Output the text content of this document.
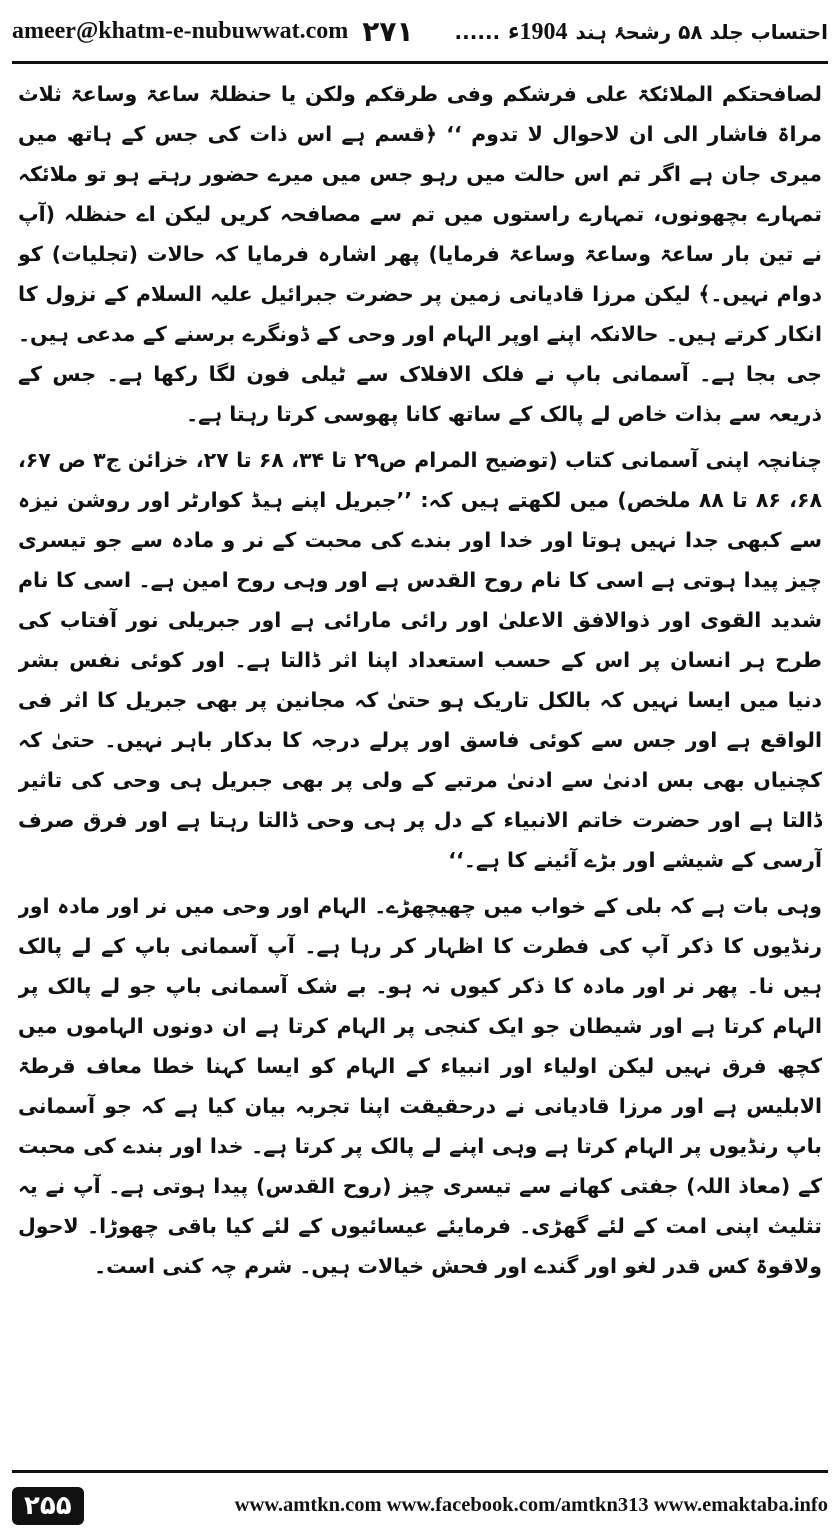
ameer@khatm-e-nubuwwat.com ۲۷۱	احتساب جلد ۵۸ رشحۂ ہند
1904ء
......

لصافحتکم الملائکۃ علی فرشکم وفی طرقکم ولکن یا حنظلۃ ساعۃ وساعۃ ثلاث مراۃ فاشار الی ان لاحوال لا تدوم ‘‘ ﴿قسم ہے اس ذات کی جس کے ہاتھ میں میری جان ہے اگر تم اس حالت میں رہو جس میں میرے حضور رہتے ہو تو ملائکہ تمہارے بچھونوں، تمہارے راستوں میں تم سے مصافحہ کریں لیکن اے حنظلہ (آپ نے تین بار ساعۃ وساعۃ وساعۃ فرمایا) پھر اشارہ فرمایا کہ حالات (تجلیات) کو دوام نہیں۔﴾ لیکن مرزا قادیانی زمین پر حضرت جبرائیل علیہ السلام کے نزول کا انکار کرتے ہیں۔ حالانکہ اپنے اوپر الہام اور وحی کے ڈونگرے برسنے کے مدعی ہیں۔ جی بجا ہے۔ آسمانی باپ نے فلک الافلاک سے ٹیلی فون لگا رکھا ہے۔ جس کے ذریعہ سے بذات خاص لے پالک کے ساتھ کانا پھوسی کرتا رہتا ہے۔

چنانچہ اپنی آسمانی کتاب (توضیح المرام ص۲۹ تا ۳۴، ۶۸ تا ۲۷، خزائن ج۳ ص ۶۷، ۶۸، ۸۶ تا ۸۸ ملخص) میں لکھتے ہیں کہ: ’’جبریل اپنے ہیڈ کوارٹر اور روشن نیزہ سے کبھی جدا نہیں ہوتا اور خدا اور بندے کی محبت کے نر و مادہ سے جو تیسری چیز پیدا ہوتی ہے اسی کا نام روح القدس ہے اور وہی روح امین ہے۔ اسی کا نام شدید القوی اور ذوالافق الاعلیٰ اور رائی مارائی ہے اور جبریلی نور آفتاب کی طرح ہر انسان پر اس کے حسب استعداد اپنا اثر ڈالتا ہے۔ اور کوئی نفس بشر دنیا میں ایسا نہیں کہ بالکل تاریک ہو حتیٰ کہ مجانین پر بھی جبریل کا اثر فی الواقع ہے اور جس سے کوئی فاسق اور پرلے درجہ کا بدکار باہر نہیں۔ حتیٰ کہ کچنیاں بھی بس ادنیٰ سے ادنیٰ مرتبے کے ولی پر بھی جبریل ہی وحی کی تاثیر ڈالتا ہے اور حضرت خاتم الانبیاء کے دل پر ہی وحی ڈالتا رہتا ہے اور فرق صرف آرسی کے شیشے اور بڑے آئینے کا ہے۔‘‘

وہی بات ہے کہ بلی کے خواب میں چھیچھڑے۔ الہام اور وحی میں نر اور مادہ اور رنڈیوں کا ذکر آپ کی فطرت کا اظہار کر رہا ہے۔ آپ آسمانی باپ کے لے پالک ہیں نا۔ پھر نر اور مادہ کا ذکر کیوں نہ ہو۔ بے شک آسمانی باپ جو لے پالک پر الہام کرتا ہے اور شیطان جو ایک کنجی پر الہام کرتا ہے ان دونوں الہاموں میں کچھ فرق نہیں لیکن اولیاء اور انبیاء کے الہام کو ایسا کہنا خطا معاف قرطۃ الابلیس ہے اور مرزا قادیانی نے درحقیقت اپنا تجربہ بیان کیا ہے کہ جو آسمانی باپ رنڈیوں پر الہام کرتا ہے وہی اپنے لے پالک پر کرتا ہے۔ خدا اور بندے کی محبت کے (معاذ اللہ) جفتی کھانے سے تیسری چیز (روح القدس) پیدا ہوتی ہے۔ آپ نے یہ تثلیث اپنی امت کے لئے گھڑی۔ فرمایئے عیسائیوں کے لئے کیا باقی چھوڑا۔ لاحول ولاقوۃ کس قدر لغو اور گندے اور فحش خیالات ہیں۔ شرم چہ کنی است۔

۲۵۵	www.amtkn.com www.facebook.com/amtkn313 www.emaktaba.info
